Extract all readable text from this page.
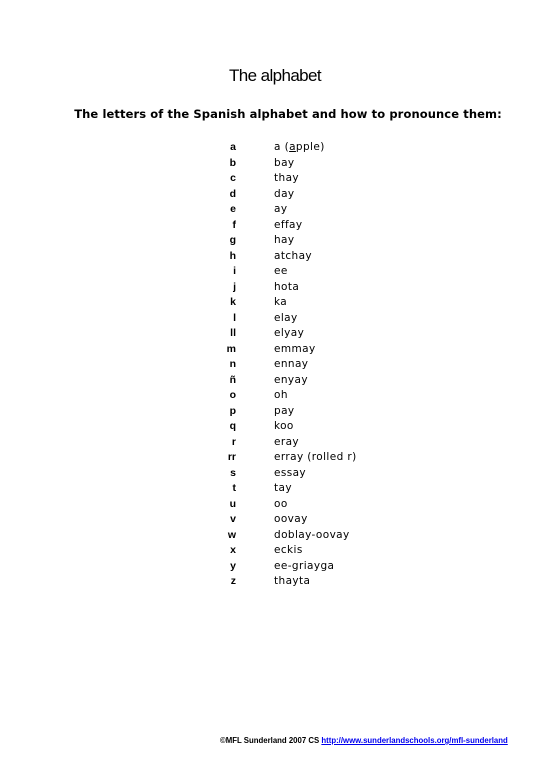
The alphabet
The letters of the Spanish alphabet and how to pronounce them:
a	a (apple)
b	bay
c	thay
d	day
e	ay
f	effay
g	hay
h	atchay
i	ee
j	hota
k	ka
l	elay
ll	elyay
m	emmay
n	ennay
ñ	enyay
o	oh
p	pay
q	koo
r	eray
rr	erray (rolled r)
s	essay
t	tay
u	oo
v	oovay
w	doblay-oovay
x	eckis
y	ee-griayga
z	thayta
©MFL Sunderland 2007 CS http://www.sunderlandschools.org/mfl-sunderland
